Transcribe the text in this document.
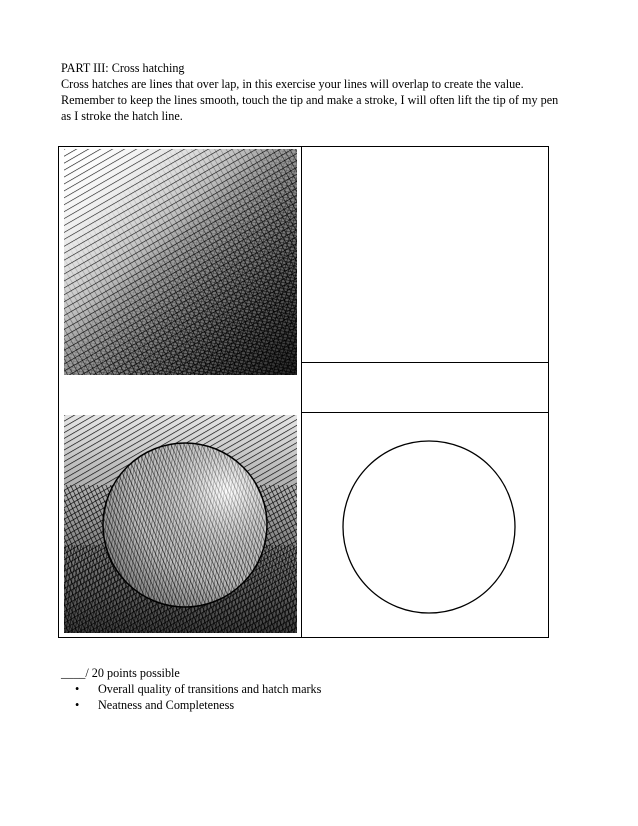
PART III: Cross hatching
Cross hatches are lines that over lap, in this exercise your lines will overlap to create the value.
Remember to keep the lines smooth, touch the tip and make a stroke, I will often lift the tip of my pen
as I stroke the hatch line.
____/ 20 points possible
• Overall quality of transitions and hatch marks
• Neatness and Completeness
